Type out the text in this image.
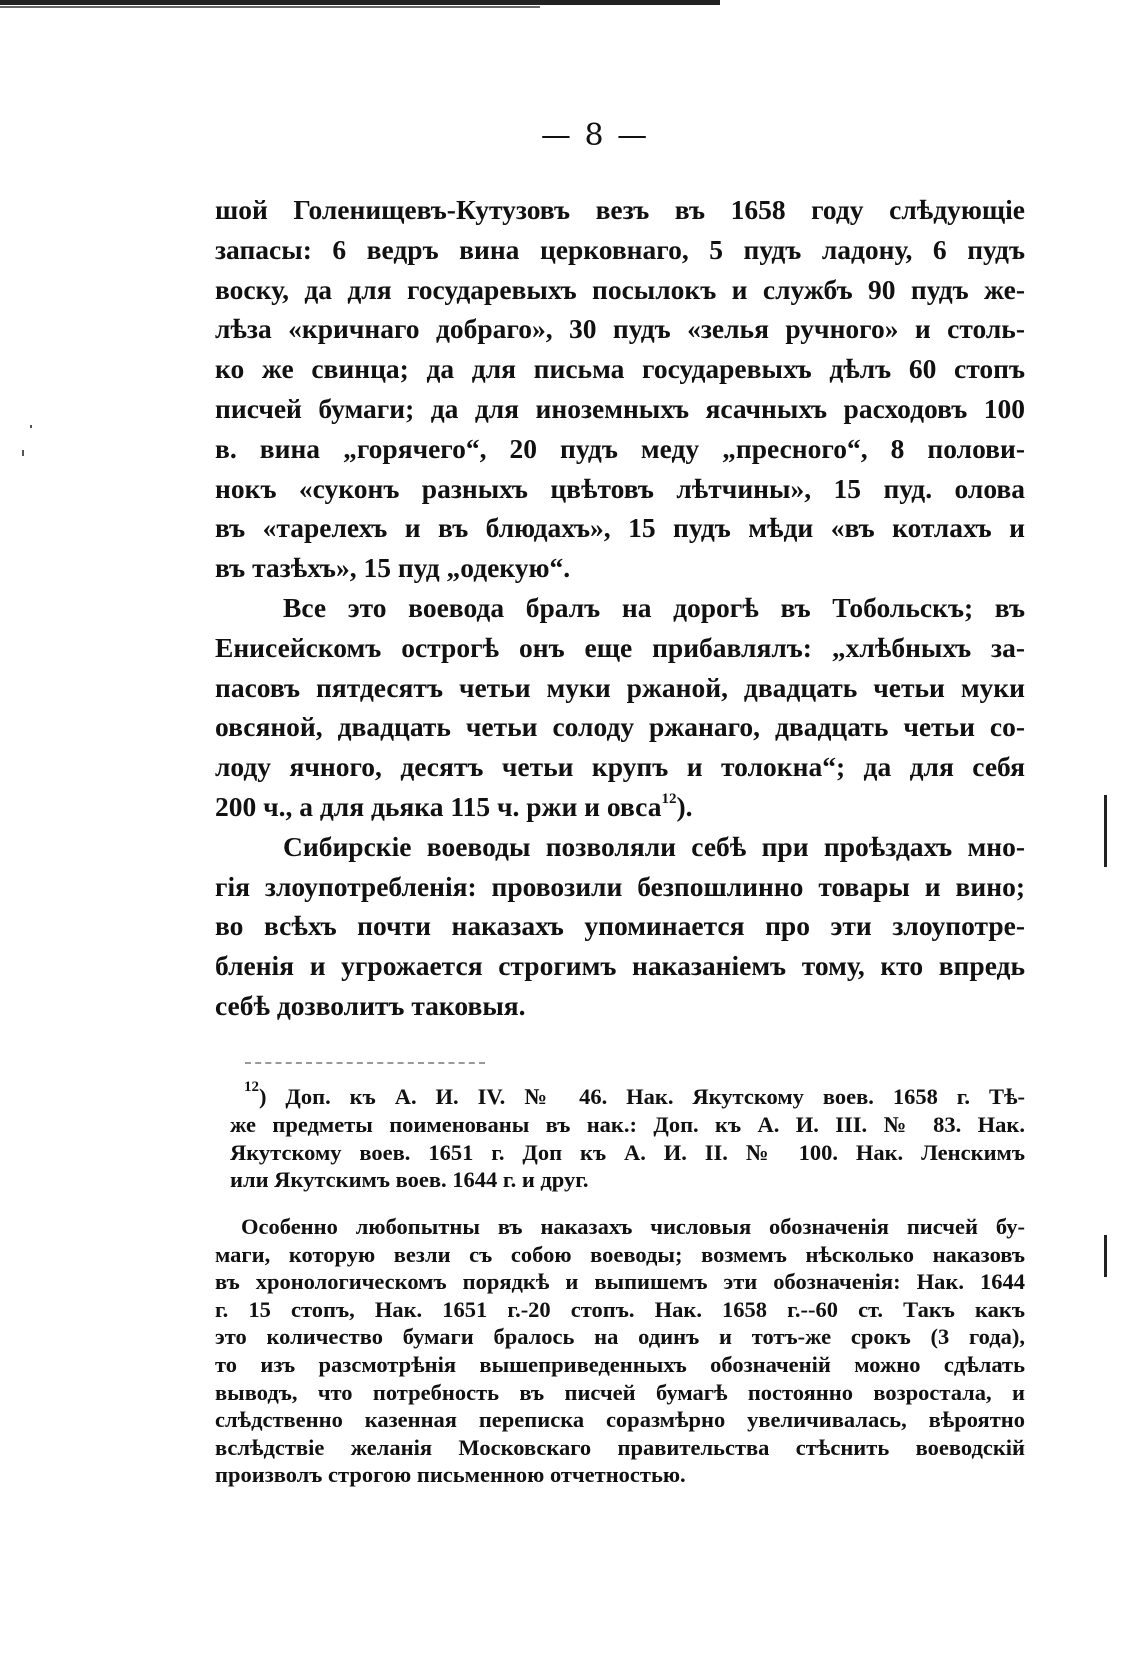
— 8 —
шой Голенищевъ-Кутузовъ везъ въ 1658 году слѣдующіе
запасы: 6 ведръ вина церковнаго, 5 пудъ ладону, 6 пудъ
воску, да для государевыхъ посылокъ и службъ 90 пудъ же-
лѣза «кричнаго добраго», 30 пудъ «зелья ручного» и столь-
ко же свинца; да для письма государевыхъ дѣлъ 60 стопъ
писчей бумаги; да для иноземныхъ ясачныхъ расходовъ 100
в. вина „горячего“, 20 пудъ меду „пресного“, 8 полови-
нокъ «суконъ разныхъ цвѣтовъ лѣтчины», 15 пуд. олова
въ «тарелехъ и въ блюдахъ», 15 пудъ мѣди «въ котлахъ и
въ тазѣхъ», 15 пуд „одекую“.
Все это воевода бралъ на дорогѣ въ Тобольскъ; въ
Енисейскомъ острогѣ онъ еще прибавлялъ: „хлѣбныхъ за-
пасовъ пятдесятъ четьи муки ржаной, двадцать четьи муки
овсяной, двадцать четьи солоду ржанаго, двадцать четьи со-
лоду ячного, десятъ четьи крупъ и толокна“; да для себя
200 ч., а для дьяка 115 ч. ржи и овса$^{12}$).
Сибирскіе воеводы позволяли себѣ при проѣздахъ мно-
гія злоупотребленія: провозили безпошлинно товары и вино;
во всѣхъ почти наказахъ упоминается про эти злоупотре-
бленія и угрожается строгимъ наказаніемъ тому, кто впредь
себѣ дозволитъ таковыя.
$^{12}$) Доп. къ А. И. IV. № 46. Нак. Якутскому воев. 1658 г. Тѣ-
же предметы поименованы въ нак.: Доп. къ А. И. III. № 83. Нак.
Якутскому воев. 1651 г. Доп къ А. И. II. № 100. Нак. Ленскимъ
или Якутскимъ воев. 1644 г. и друг.
Особенно любопытны въ наказахъ числовыя обозначенія писчей бу-
маги, которую везли съ собою воеводы; возмемъ нѣсколько наказовъ
въ хронологическомъ порядкѣ и выпишемъ эти обозначенія: Нак. 1644
г. 15 стопъ, Нак. 1651 г.-20 стопъ. Нак. 1658 г.--60 ст. Такъ какъ
это количество бумаги бралось на одинъ и тотъ-же срокъ (3 года),
то изъ разсмотрѣнія вышеприведенныхъ обозначеній можно сдѣлать
выводъ, что потребность въ писчей бумагѣ постоянно возростала, и
слѣдственно казенная переписка соразмѣрно увеличивалась, вѣроятно
вслѣдствіе желанія Московскаго правительства стѣснить воеводскій
произволъ строгою письменною отчетностью.
